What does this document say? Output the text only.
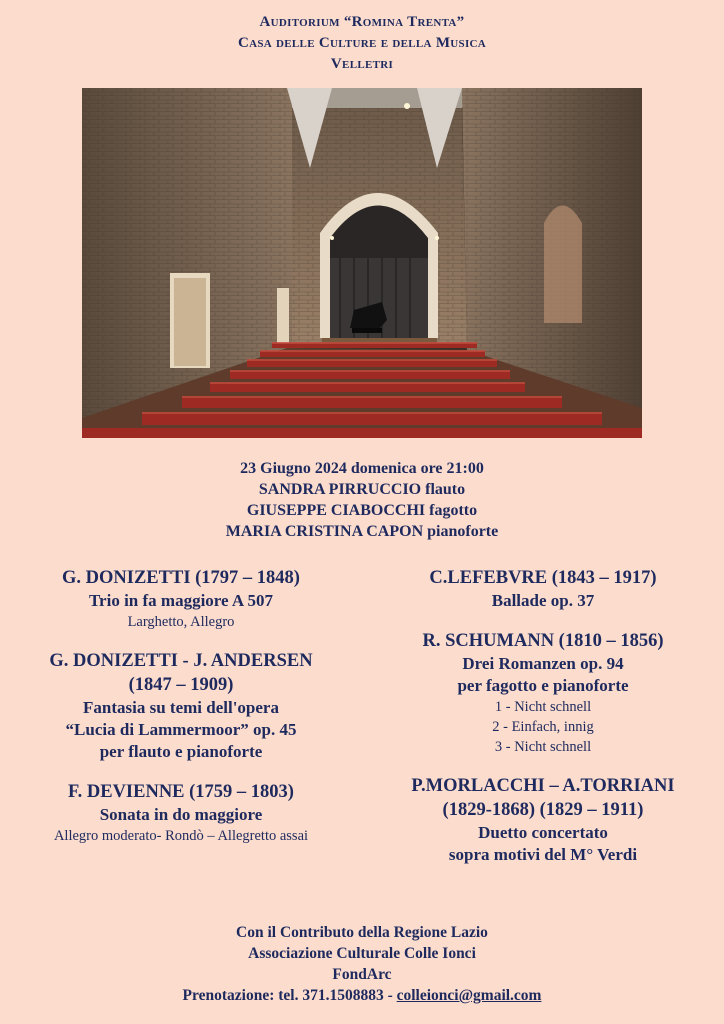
Auditorium “Romina Trenta”
Casa delle Culture e della Musica
Velletri
23 Giugno 2024 domenica ore 21:00
SANDRA PIRRUCCIO flauto
GIUSEPPE CIABOCCHI fagotto
MARIA CRISTINA CAPON pianoforte
G. DONIZETTI (1797 – 1848)
Trio in fa maggiore A 507
Larghetto, Allegro
G. DONIZETTI - J. ANDERSEN
(1847 – 1909)
Fantasia su temi dell'opera
“Lucia di Lammermoor” op. 45
per flauto e pianoforte
F. DEVIENNE (1759 – 1803)
Sonata in do maggiore
Allegro moderato- Rondò – Allegretto assai
C.LEFEBVRE (1843 – 1917)
Ballade op. 37
R. SCHUMANN (1810 – 1856)
Drei Romanzen op. 94
per fagotto e pianoforte
1 - Nicht schnell
2 - Einfach, innig
3 - Nicht schnell
P.MORLACCHI – A.TORRIANI
(1829-1868) (1829 – 1911)
Duetto concertato
sopra motivi del M° Verdi
Con il Contributo della Regione Lazio
Associazione Culturale Colle Ionci
FondArc
Prenotazione: tel. 371.1508883 - colleionci@gmail.com
